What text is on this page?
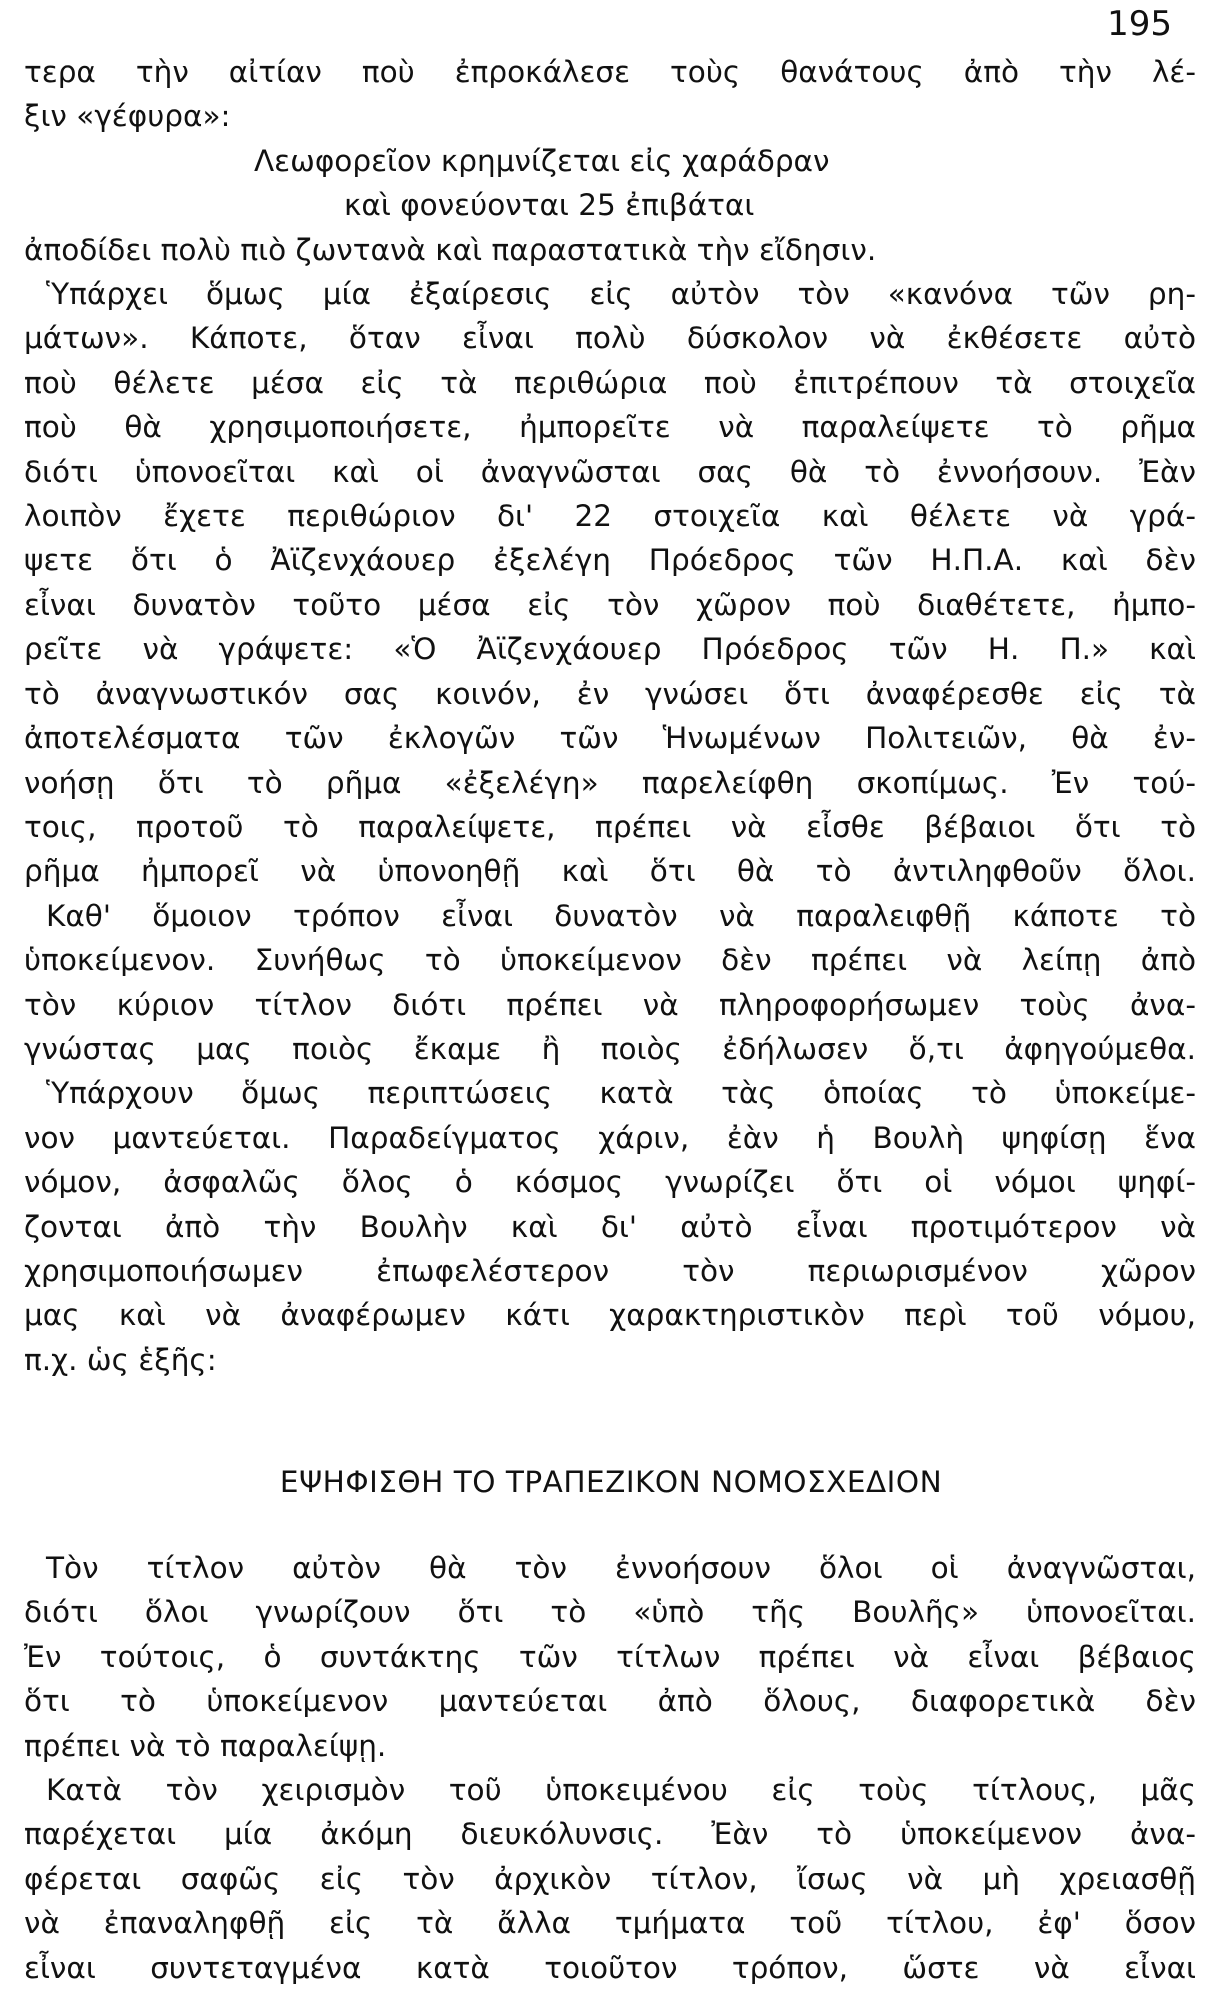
195
τερα τὴν αἰτίαν ποὺ ἐπροκάλεσε τοὺς θανάτους ἀπὸ τὴν λέ-
ξιν «γέφυρα»:
Λεωφορεῖον κρημνίζεται εἰς χαράδραν
καὶ φονεύονται 25 ἐπιβάται
ἀποδίδει πολὺ πιὸ ζωντανὰ καὶ παραστατικὰ τὴν εἴδησιν.
Ὑπάρχει ὅμως μία ἐξαίρεσις εἰς αὐτὸν τὸν «κανόνα τῶν ρη-
μάτων». Κάποτε, ὅταν εἶναι πολὺ δύσκολον νὰ ἐκθέσετε αὐτὸ
ποὺ θέλετε μέσα εἰς τὰ περιθώρια ποὺ ἐπιτρέπουν τὰ στοιχεῖα
ποὺ θὰ χρησιμοποιήσετε, ἠμπορεῖτε νὰ παραλείψετε τὸ ρῆμα
διότι ὑπονοεῖται καὶ οἱ ἀναγνῶσται σας θὰ τὸ ἐννοήσουν. Ἐὰν
λοιπὸν ἔχετε περιθώριον δι' 22 στοιχεῖα καὶ θέλετε νὰ γρά-
ψετε ὅτι ὁ Ἀϊζενχάουερ ἐξελέγη Πρόεδρος τῶν Η.Π.Α. καὶ δὲν
εἶναι δυνατὸν τοῦτο μέσα εἰς τὸν χῶρον ποὺ διαθέτετε, ἠμπο-
ρεῖτε νὰ γράψετε: «Ὁ Ἀϊζενχάουερ Πρόεδρος τῶν Η. Π.» καὶ
τὸ ἀναγνωστικόν σας κοινόν, ἐν γνώσει ὅτι ἀναφέρεσθε εἰς τὰ
ἀποτελέσματα τῶν ἐκλογῶν τῶν Ἡνωμένων Πολιτειῶν, θὰ ἐν-
νοήσῃ ὅτι τὸ ρῆμα «ἐξελέγη» παρελείφθη σκοπίμως. Ἐν τού-
τοις, προτοῦ τὸ παραλείψετε, πρέπει νὰ εἶσθε βέβαιοι ὅτι τὸ
ρῆμα ἠμπορεῖ νὰ ὑπονοηθῇ καὶ ὅτι θὰ τὸ ἀντιληφθοῦν ὅλοι.
Καθ' ὅμοιον τρόπον εἶναι δυνατὸν νὰ παραλειφθῇ κάποτε τὸ
ὑποκείμενον. Συνήθως τὸ ὑποκείμενον δὲν πρέπει νὰ λείπῃ ἀπὸ
τὸν κύριον τίτλον διότι πρέπει νὰ πληροφορήσωμεν τοὺς ἀνα-
γνώστας μας ποιὸς ἔκαμε ἢ ποιὸς ἐδήλωσεν ὅ,τι ἀφηγούμεθα.
Ὑπάρχουν ὅμως περιπτώσεις κατὰ τὰς ὁποίας τὸ ὑποκείμε-
νον μαντεύεται. Παραδείγματος χάριν, ἐὰν ἡ Βουλὴ ψηφίσῃ ἕνα
νόμον, ἀσφαλῶς ὅλος ὁ κόσμος γνωρίζει ὅτι οἱ νόμοι ψηφί-
ζονται ἀπὸ τὴν Βουλὴν καὶ δι' αὐτὸ εἶναι προτιμότερον νὰ
χρησιμοποιήσωμεν ἐπωφελέστερον τὸν περιωρισμένον χῶρον
μας καὶ νὰ ἀναφέρωμεν κάτι χαρακτηριστικὸν περὶ τοῦ νόμου,
π.χ. ὡς ἑξῆς:
ΕΨΗΦΙΣΘΗ ΤΟ ΤΡΑΠΕΖΙΚΟΝ ΝΟΜΟΣΧΕΔΙΟΝ
Τὸν τίτλον αὐτὸν θὰ τὸν ἐννοήσουν ὅλοι οἱ ἀναγνῶσται,
διότι ὅλοι γνωρίζουν ὅτι τὸ «ὑπὸ τῆς Βουλῆς» ὑπονοεῖται.
Ἐν τούτοις, ὁ συντάκτης τῶν τίτλων πρέπει νὰ εἶναι βέβαιος
ὅτι τὸ ὑποκείμενον μαντεύεται ἀπὸ ὅλους, διαφορετικὰ δὲν
πρέπει νὰ τὸ παραλείψῃ.
Κατὰ τὸν χειρισμὸν τοῦ ὑποκειμένου εἰς τοὺς τίτλους, μᾶς
παρέχεται μία ἀκόμη διευκόλυνσις. Ἐὰν τὸ ὑποκείμενον ἀνα-
φέρεται σαφῶς εἰς τὸν ἀρχικὸν τίτλον, ἴσως νὰ μὴ χρειασθῇ
νὰ ἐπαναληφθῇ εἰς τὰ ἄλλα τμήματα τοῦ τίτλου, ἐφ' ὅσον
εἶναι συντεταγμένα κατὰ τοιοῦτον τρόπον, ὥστε νὰ εἶναι
